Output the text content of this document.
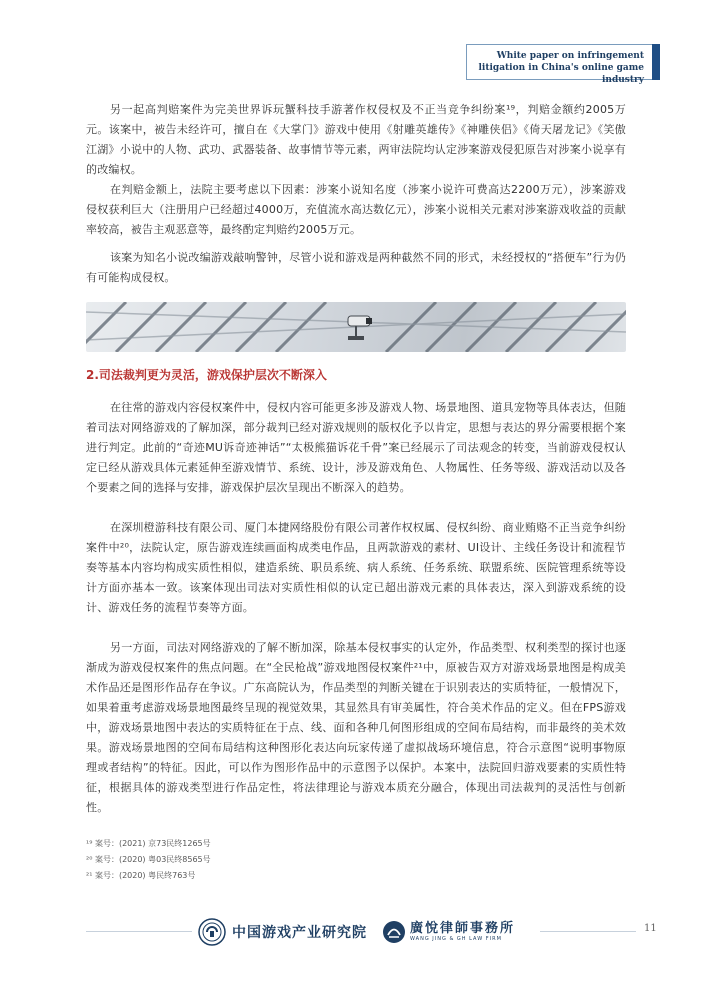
White paper on infringement
litigation in China's online game industry

另一起高判赔案件为完美世界诉玩蟹科技手游著作权侵权及不正当竞争纠纷案¹⁹，判赔金额约2005万元。该案中，被告未经许可，擅自在《大掌门》游戏中使用《射雕英雄传》《神雕侠侣》《倚天屠龙记》《笑傲江湖》小说中的人物、武功、武器装备、故事情节等元素，两审法院均认定涉案游戏侵犯原告对涉案小说享有的改编权。

在判赔金额上，法院主要考虑以下因素：涉案小说知名度（涉案小说许可费高达2200万元），涉案游戏侵权获利巨大（注册用户已经超过4000万，充值流水高达数亿元），涉案小说相关元素对涉案游戏收益的贡献率较高，被告主观恶意等，最终酌定判赔约2005万元。

该案为知名小说改编游戏敲响警钟，尽管小说和游戏是两种截然不同的形式，未经授权的“搭便车”行为仍有可能构成侵权。

2.司法裁判更为灵活，游戏保护层次不断深入

在往常的游戏内容侵权案件中，侵权内容可能更多涉及游戏人物、场景地图、道具宠物等具体表达，但随着司法对网络游戏的了解加深，部分裁判已经对游戏规则的版权化予以肯定，思想与表达的界分需要根据个案进行判定。此前的“奇迹MU诉奇迹神话”“太极熊猫诉花千骨”案已经展示了司法观念的转变，当前游戏侵权认定已经从游戏具体元素延伸至游戏情节、系统、设计，涉及游戏角色、人物属性、任务等级、游戏活动以及各个要素之间的选择与安排，游戏保护层次呈现出不断深入的趋势。

在深圳橙游科技有限公司、厦门本捷网络股份有限公司著作权权属、侵权纠纷、商业贿赂不正当竞争纠纷案件中²⁰，法院认定，原告游戏连续画面构成类电作品，且两款游戏的素材、UI设计、主线任务设计和流程节奏等基本内容均构成实质性相似，建造系统、职员系统、病人系统、任务系统、联盟系统、医院管理系统等设计方面亦基本一致。该案体现出司法对实质性相似的认定已超出游戏元素的具体表达，深入到游戏系统的设计、游戏任务的流程节奏等方面。

另一方面，司法对网络游戏的了解不断加深，除基本侵权事实的认定外，作品类型、权利类型的探讨也逐渐成为游戏侵权案件的焦点问题。在“全民枪战”游戏地图侵权案件²¹中，原被告双方对游戏场景地图是构成美术作品还是图形作品存在争议。广东高院认为，作品类型的判断关键在于识别表达的实质特征，一般情况下，如果着重考虑游戏场景地图最终呈现的视觉效果，其显然具有审美属性，符合美术作品的定义。但在FPS游戏中，游戏场景地图中表达的实质特征在于点、线、面和各种几何图形组成的空间布局结构，而非最终的美术效果。游戏场景地图的空间布局结构这种图形化表达向玩家传递了虚拟战场环境信息，符合示意图“说明事物原理或者结构”的特征。因此，可以作为图形作品中的示意图予以保护。本案中，法院回归游戏要素的实质性特征，根据具体的游戏类型进行作品定性，将法律理论与游戏本质充分融合，体现出司法裁判的灵活性与创新性。

¹⁹ 案号：(2021) 京73民终1265号
²⁰ 案号：(2020) 粤03民终8565号
²¹ 案号：(2020) 粤民终763号
中国游戏产业研究院	廣悅律師事務所
WANG JING & GH LAW FIRM
11
